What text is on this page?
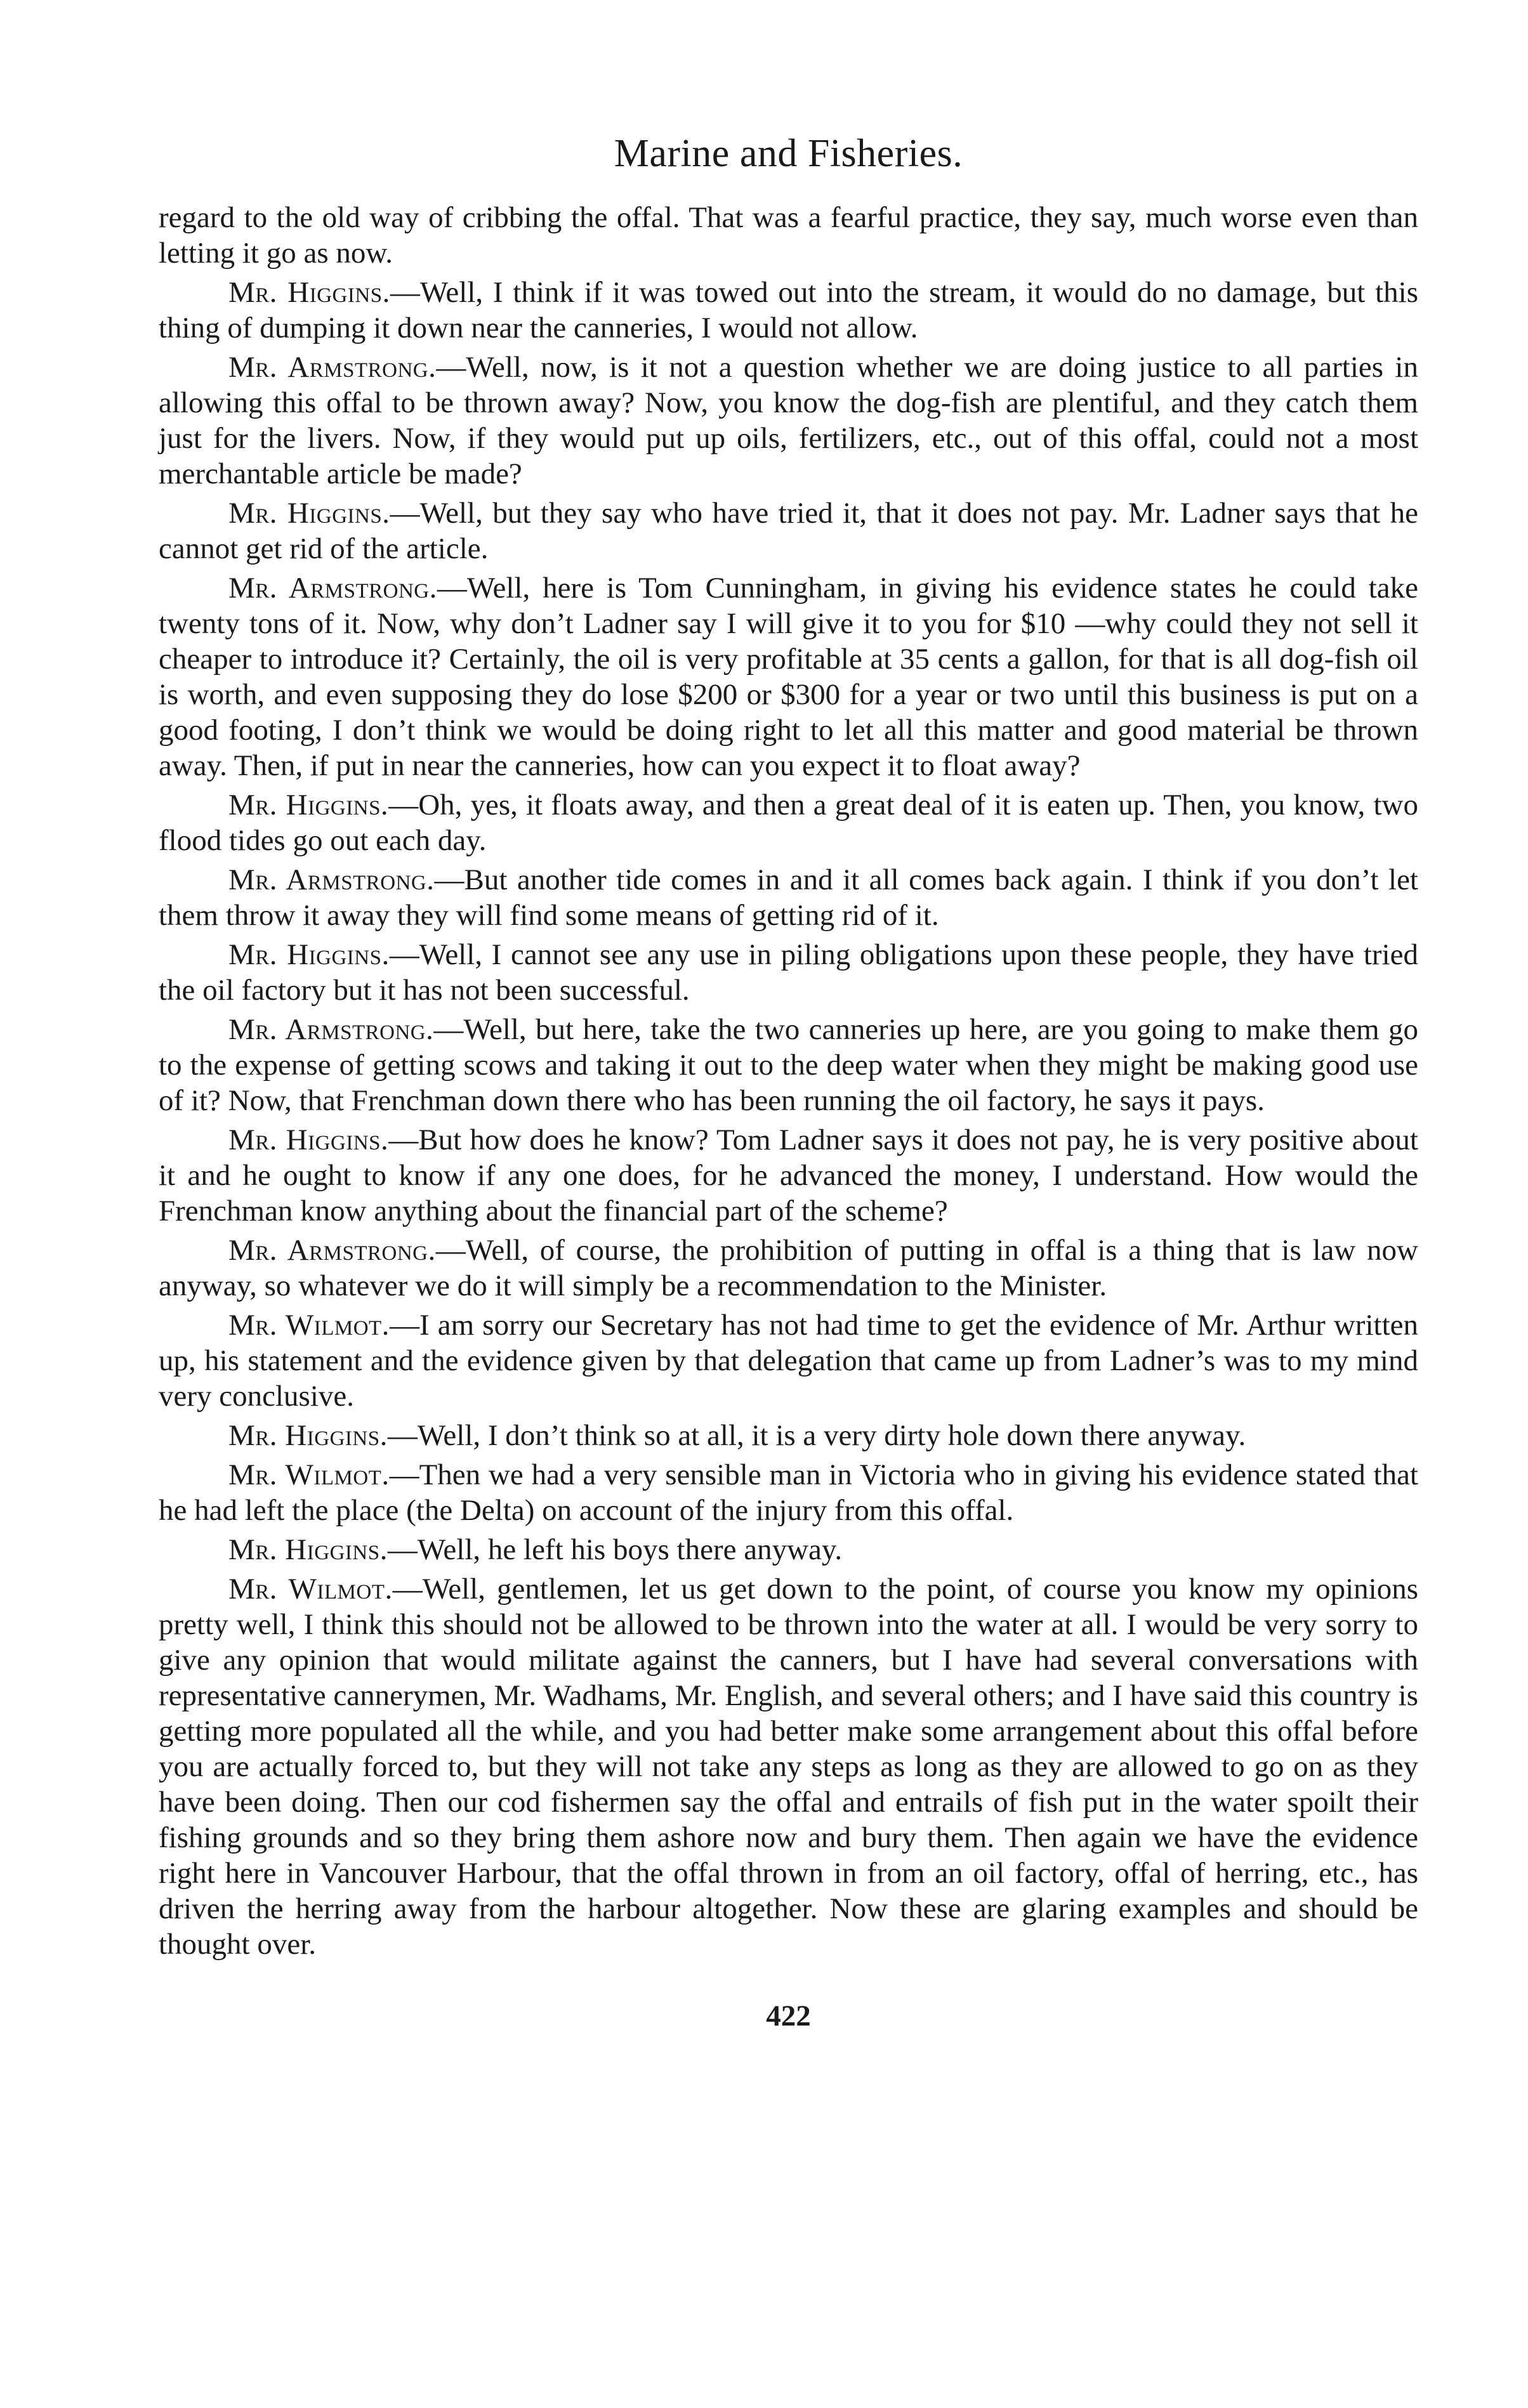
Marine and Fisheries.

regard to the old way of cribbing the offal. That was a fearful practice, they say, much worse even than letting it go as now.

Mr. Higgins.—Well, I think if it was towed out into the stream, it would do no damage, but this thing of dumping it down near the canneries, I would not allow.

Mr. Armstrong.—Well, now, is it not a question whether we are doing justice to all parties in allowing this offal to be thrown away? Now, you know the dog-fish are plentiful, and they catch them just for the livers. Now, if they would put up oils, fertilizers, etc., out of this offal, could not a most merchantable article be made?

Mr. Higgins.—Well, but they say who have tried it, that it does not pay. Mr. Ladner says that he cannot get rid of the article.

Mr. Armstrong.—Well, here is Tom Cunningham, in giving his evidence states he could take twenty tons of it. Now, why don’t Ladner say I will give it to you for $10 —why could they not sell it cheaper to introduce it? Certainly, the oil is very profitable at 35 cents a gallon, for that is all dog-fish oil is worth, and even supposing they do lose $200 or $300 for a year or two until this business is put on a good footing, I don’t think we would be doing right to let all this matter and good material be thrown away. Then, if put in near the canneries, how can you expect it to float away?

Mr. Higgins.—Oh, yes, it floats away, and then a great deal of it is eaten up. Then, you know, two flood tides go out each day.

Mr. Armstrong.—But another tide comes in and it all comes back again. I think if you don’t let them throw it away they will find some means of getting rid of it.

Mr. Higgins.—Well, I cannot see any use in piling obligations upon these people, they have tried the oil factory but it has not been successful.

Mr. Armstrong.—Well, but here, take the two canneries up here, are you going to make them go to the expense of getting scows and taking it out to the deep water when they might be making good use of it? Now, that Frenchman down there who has been running the oil factory, he says it pays.

Mr. Higgins.—But how does he know? Tom Ladner says it does not pay, he is very positive about it and he ought to know if any one does, for he advanced the money, I understand. How would the Frenchman know anything about the financial part of the scheme?

Mr. Armstrong.—Well, of course, the prohibition of putting in offal is a thing that is law now anyway, so whatever we do it will simply be a recommendation to the Minister.

Mr. Wilmot.—I am sorry our Secretary has not had time to get the evidence of Mr. Arthur written up, his statement and the evidence given by that delegation that came up from Ladner’s was to my mind very conclusive.

Mr. Higgins.—Well, I don’t think so at all, it is a very dirty hole down there anyway.

Mr. Wilmot.—Then we had a very sensible man in Victoria who in giving his evidence stated that he had left the place (the Delta) on account of the injury from this offal.

Mr. Higgins.—Well, he left his boys there anyway.

Mr. Wilmot.—Well, gentlemen, let us get down to the point, of course you know my opinions pretty well, I think this should not be allowed to be thrown into the water at all. I would be very sorry to give any opinion that would militate against the canners, but I have had several conversations with representative cannerymen, Mr. Wadhams, Mr. English, and several others; and I have said this country is getting more populated all the while, and you had better make some arrangement about this offal before you are actually forced to, but they will not take any steps as long as they are allowed to go on as they have been doing. Then our cod fishermen say the offal and entrails of fish put in the water spoilt their fishing grounds and so they bring them ashore now and bury them. Then again we have the evidence right here in Vancouver Harbour, that the offal thrown in from an oil factory, offal of herring, etc., has driven the herring away from the harbour altogether. Now these are glaring examples and should be thought over.

422
